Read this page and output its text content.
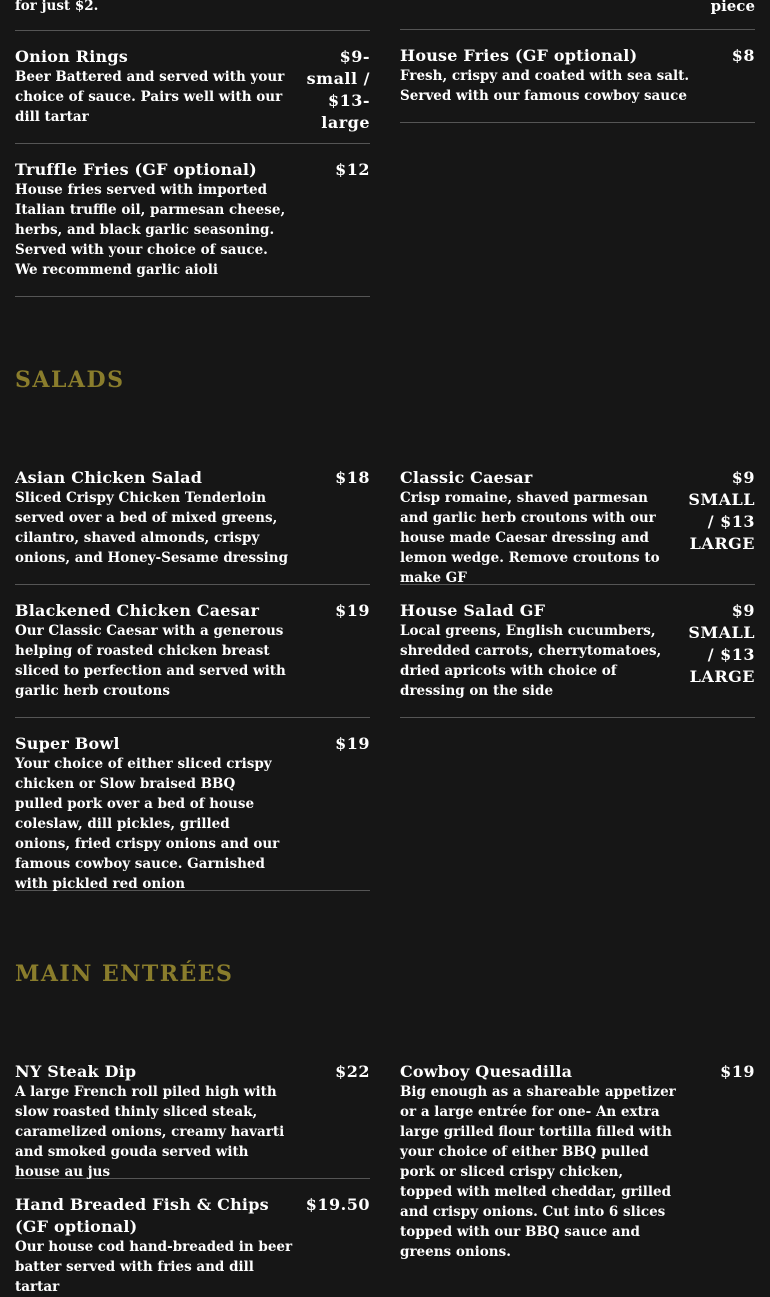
for just $2.	piece
Onion Rings
Beer Battered and served with your choice of sauce. Pairs well with our dill tartar
$9-small / $13-large
House Fries (GF optional)
Fresh, crispy and coated with sea salt. Served with our famous cowboy sauce
$8
Truffle Fries (GF optional)
House fries served with imported Italian truffle oil, parmesan cheese, herbs, and black garlic seasoning. Served with your choice of sauce. We recommend garlic aioli
$12
SALADS
Asian Chicken Salad
Sliced Crispy Chicken Tenderloin served over a bed of mixed greens, cilantro, shaved almonds, crispy onions, and Honey-Sesame dressing
$18 Classic Caesar
Crisp romaine, shaved parmesan and garlic herb croutons with our house made Caesar dressing and lemon wedge. Remove croutons to make GF
$9 SMALL / $13 LARGE
Blackened Chicken Caesar
Our Classic Caesar with a generous helping of roasted chicken breast sliced to perfection and served with garlic herb croutons
$19 House Salad GF
Local greens, English cucumbers, shredded carrots, cherrytomatoes, dried apricots with choice of dressing on the side
$9 SMALL / $13 LARGE
Super Bowl
Your choice of either sliced crispy chicken or Slow braised BBQ pulled pork over a bed of house coleslaw, dill pickles, grilled onions, fried crispy onions and our famous cowboy sauce. Garnished with pickled red onion
$19
MAIN ENTRÉES
NY Steak Dip
A large French roll piled high with slow roasted thinly sliced steak, caramelized onions, creamy havarti and smoked gouda served with house au jus
$22 Cowboy Quesadilla
Big enough as a shareable appetizer or a large entrée for one- An extra large grilled flour tortilla filled with your choice of either BBQ pulled pork or sliced crispy chicken, topped with melted cheddar, grilled and crispy onions. Cut into 6 slices topped with our BBQ sauce and greens onions.
$19
Hand Breaded Fish & Chips (GF optional)
Our house cod hand-breaded in beer batter served with fries and dill tartar
$19.50
